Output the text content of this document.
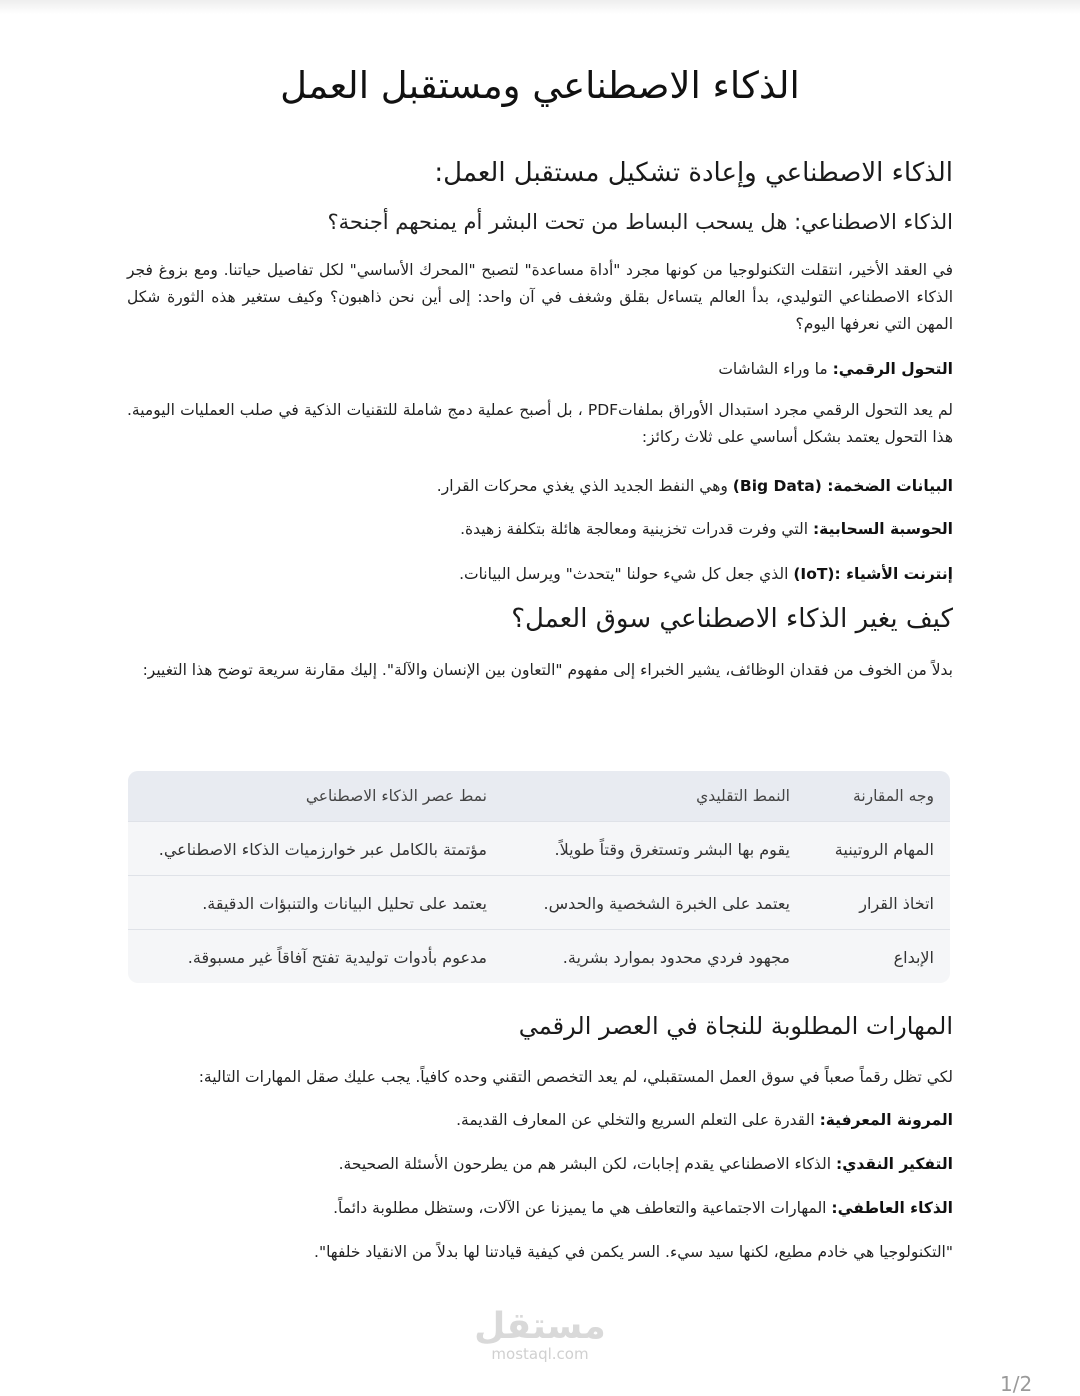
الذكاء الاصطناعي ومستقبل العمل
الذكاء الاصطناعي وإعادة تشكيل مستقبل العمل:
الذكاء الاصطناعي: هل يسحب البساط من تحت البشر أم يمنحهم أجنحة؟

في العقد الأخير، انتقلت التكنولوجيا من كونها مجرد "أداة مساعدة" لتصبح "المحرك الأساسي" لكل تفاصيل حياتنا. ومع بزوغ فجر الذكاء الاصطناعي التوليدي، بدأ العالم يتساءل بقلق وشغف في آن واحد: إلى أين نحن ذاهبون؟ وكيف ستغير هذه الثورة شكل المهن التي نعرفها اليوم؟

التحول الرقمي: ما وراء الشاشات

لم يعد التحول الرقمي مجرد استبدال الأوراق بملفاتPDF ، بل أصبح عملية دمج شاملة للتقنيات الذكية في صلب العمليات اليومية. هذا التحول يعتمد بشكل أساسي على ثلاث ركائز:

البيانات الضخمة: (Big Data) وهي النفط الجديد الذي يغذي محركات القرار.

الحوسبة السحابية: التي وفرت قدرات تخزينية ومعالجة هائلة بتكلفة زهيدة.

إنترنت الأشياء :(IoT) الذي جعل كل شيء حولنا "يتحدث" ويرسل البيانات.

كيف يغير الذكاء الاصطناعي سوق العمل؟

بدلاً من الخوف من فقدان الوظائف، يشير الخبراء إلى مفهوم "التعاون بين الإنسان والآلة". إليك مقارنة سريعة توضح هذا التغيير:

وجه المقارنة
النمط التقليدي
نمط عصر الذكاء الاصطناعي
المهام الروتينية
يقوم بها البشر وتستغرق وقتاً طويلاً.
مؤتمتة بالكامل عبر خوارزميات الذكاء الاصطناعي.
اتخاذ القرار
يعتمد على الخبرة الشخصية والحدس.
يعتمد على تحليل البيانات والتنبؤات الدقيقة.
الإبداع
مجهود فردي محدود بموارد بشرية.
مدعوم بأدوات توليدية تفتح آفاقاً غير مسبوقة.
المهارات المطلوبة للنجاة في العصر الرقمي

لكي تظل رقماً صعباً في سوق العمل المستقبلي، لم يعد التخصص التقني وحده كافياً. يجب عليك صقل المهارات التالية:

المرونة المعرفية: القدرة على التعلم السريع والتخلي عن المعارف القديمة.

التفكير النقدي: الذكاء الاصطناعي يقدم إجابات، لكن البشر هم من يطرحون الأسئلة الصحيحة.

الذكاء العاطفي: المهارات الاجتماعية والتعاطف هي ما يميزنا عن الآلات، وستظل مطلوبة دائماً.

"التكنولوجيا هي خادم مطيع، لكنها سيد سيء. السر يكمن في كيفية قيادتنا لها بدلاً من الانقياد خلفها".

مستقل
mostaql.com
1/2
